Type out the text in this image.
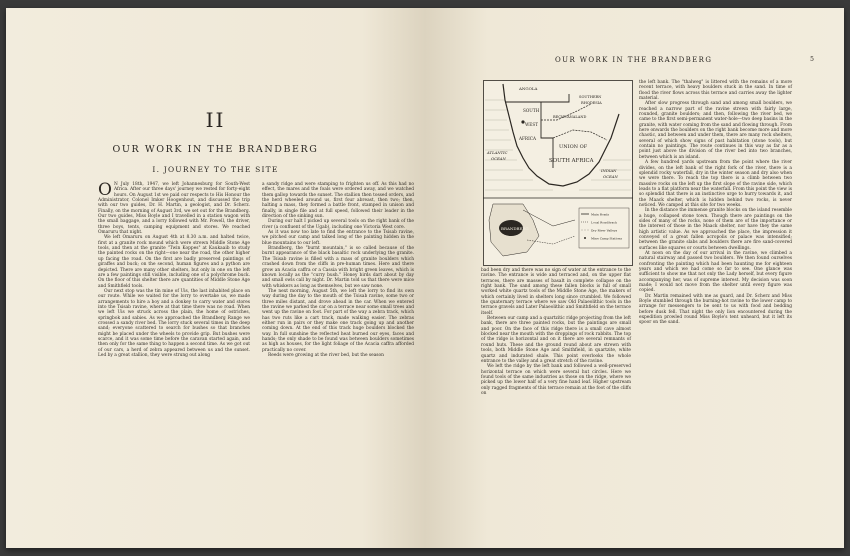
II
OUR WORK IN THE BRANDBERG
I. JOURNEY TO THE SITE

O N July 18th, 1947, we left Johannesburg for South-West Africa. After our three days' journey we rested for forty-eight hours. On August 1st we paid our respects to His Honour the Administrator, Colonel Imker Hoogenhout, and discussed the trip with our two guides, Dr. H. Martin, a geologist, and Dr. Scherz. Finally, on the morning of August 3rd, we set out for the Brandberg. Our two guides, Miss Boyle and I travelled in a station wagon with the small baggage, and a lorry followed with Mr. Powell, the driver, three boys, tents, camping equipment and stores. We reached Omaruru that night.

We left Omaruru on August 4th at 8.30 a.m. and halted twice, first at a granite rock mound which were strewn Middle Stone Age tools, and then at the granite "Twin Koppes" at Kaukaaib to study the painted rocks on the right—one near the road, the other higher up facing the road. On the first are badly preserved paintings of giraffes and buck; on the second, human figures and a python are depicted. There are many other shelters, but only in one on the left are a few paintings still visible, including one of a polychrome buck. On the floor of this shelter there are quantities of Middle Stone Age and Smithfield tools.

Our next stop was the tin mine of Uis, the last inhabited place on our route. While we waited for the lorry to overtake us, we made arrangements to hire a boy and a donkey to carry water and stores into the Tsisab ravine, where at that time there was no road. When we left Uis we struck across the plain, the home of ostriches, springbok and sabies. As we approached the Brandberg Range we crossed a sandy river bed. The lorry stuck several times in the deep sand; everyone scattered to search for bushes so that branches might be placed under the wheels to provide grip. But bushes were scarce, and it was some time before the caravan started again, and then only for the same thing to happen a second time. As we got out of our cars, a herd of zebra appeared between us and the sunset. Led by a great stallion, they were strung out along

a sandy ridge and were stamping to frighten us off. As this had no effect, the mares and the foals were ordered away, and we watched them gallop towards the sunset. The stallion then tossed orders, and the herd wheeled around us, first four abreast, then two; then, halting a mass, they formed a battle front, stamped in unison and finally, in single file and at full speed, followed their leader in the direction of the sinking sun.

During our halt I picked up several tools on the right bank of the river (a confluent of the Ugab), including one Victoria West core.

As it was now too late to find the entrance to the Tsisab ravine, we pitched our camp and talked long of the painting hidden in the blue mountains to our left.

Brandberg, the "burnt mountain," is so called because of the burnt appearance of the black basaltic rock underlying the granite. The Tsisab ravine is filled with a mass of granite boulders which crashed down from the cliffs in pre-human times. Here and there grow an Acacia caffra or a Cassia with bright green leaves, which is known locally as the "curry bush." Honey birds dart about by day and small owls call by night. Dr. Martin told us that there were mice with whiskers as long as themselves, but we saw none.

The next morning, August 5th, we left the lorry to find its own way during the day to the mouth of the Tsisab ravine, some two or three miles distant, and drove ahead in the car. When we entered the ravine we parked the car on a terrace near some small trees and went up the ravine on foot. For part of the way a zebra track, which has two ruts like a cart track, made walking easier. The zebras either run in pairs or they make one track going up and another coming down. At the end of this track huge boulders blocked the way. In full sunshine the reflected heat burned our eyes, faces and hands; the only shade to be found was between boulders sometimes as high as houses, for the light foliage of the Acacia caffra afforded practically no cover.

Reeds were growing at the river bed, but the season

OUR WORK IN THE BRANDBERG	5
ANGOLA
SOUTH
WEST
AFRICA
SOUTHERN
RHODESIA
BECHUANALAND
UNION OF
SOUTH AFRICA
ATLANTIC
OCEAN
INDIAN
OCEAN
BRANDBERG
Main Roads
Local Road/track
Dry River Valleys
Mine Camp Stations

bad been dry and there was no sign of water at the entrance to the ravine. The entrance is wide and terraced and, on the upper flat terraces, there are masses of basalt in complete collapse on the right bank. The sand among these fallen blocks is full of small worked white quartz tools of the Middle Stone Age, the makers of which certainly lived in shelters long since crumbled. We followed the quaternary terrace where we saw Old Palaeolithic tools in the terrace gravels and Later Palaeolithic and Smithfield on the terrace itself.

Between our camp and a quartzitic ridge projecting from the left bank, there are three painted rocks, but the paintings are small and poor. On the face of this ridge there is a small cave almost blocked near the mouth with the droppings of rock rabbits. The top of the ridge is horizontal and on it there are several remnants of round huts. These and the ground round about are strewn with tools, both Middle Stone Age and Smithfield, in quartzite, white quartz and indurated shale. This point overlooks the whole entrance to the valley and a great stretch of the ravine.

We left the ridge by the left bank and followed a well-preserved horizontal terrace on which were several hut circles. Here we found tools of the same industries as those on the ridge, where we picked up the lower half of a very fine hand leaf. Higher upstream only ragged fragments of this terrace remain at the foot of the cliffs on

the left bank. The "thalweg" is littered with the remains of a more recent terrace, with heavy boulders stuck in the sand. In time of flood the river flows across this terrace and carries away the lighter material.

After slow progress through sand and among small boulders, we reached a narrow part of the ravine strewn with fairly large, rounded, granite boulders; and then, following the river bed, we came to the first semi-permanent water-hole—two deep basins in the granite, with water coming from the sand and flowing through. From here onwards the boulders on the right bank become more and more chaotic, and between and under them, there are many rock shelters, several of which show signs of past habitation (stone tools), but contain no paintings. The route continues in this way as far as a point just above the division of the river bed into two branches, between which is an island.

A few hundred yards upstream from the point where the river divides, on the left bank of the right fork of the river, there is a splendid rocky waterfall, dry in the winter season and dry also when we were there. To reach the top there is a climb between two massive rocks on the left up the first slope of the ravine side, which leads to a flat platform near the waterfall. From this point the view is so splendid that there is an instinctive urge to hurry towards it, and the Maack shelter, which is hidden behind two rocks, is never noticed. We camped at this site for two weeks.

In the distance the immense granite blocks on the island resemble a huge, collapsed stone town. Though there are paintings on the sides of many of the rocks, none of them are of the importance or the interest of those in the Maack shelter, nor have they the same high artistic value. As we approached the place, the impression it conveyed of a great fallen acropolis or palace was intensified; between the granite slabs and boulders there are fire sand-covered surfaces like squares or courts between dwellings.

At noon on the day of our arrival in the ravine, we climbed a natural stairway and passed two boulders. We then found ourselves confronting the painting which had been haunting me for eighteen years and which we had come so far to see. One glance was sufficient to show me that not only the Lady herself, but every figure accompanying her, was of supreme interest. My decision was soon made; I would not move from the shelter until every figure was copied.

Dr. Martin remained with me as guard, and Dr. Scherz and Miss Boyle stumbled through the burning-hot ravine to the lower camp to arrange for messengers to be sent to us with food and bedding before dusk fell. That night the only lion encountered during the expedition prowled round Miss Boyle's tent unheard, but it left its spoor on the sand.
